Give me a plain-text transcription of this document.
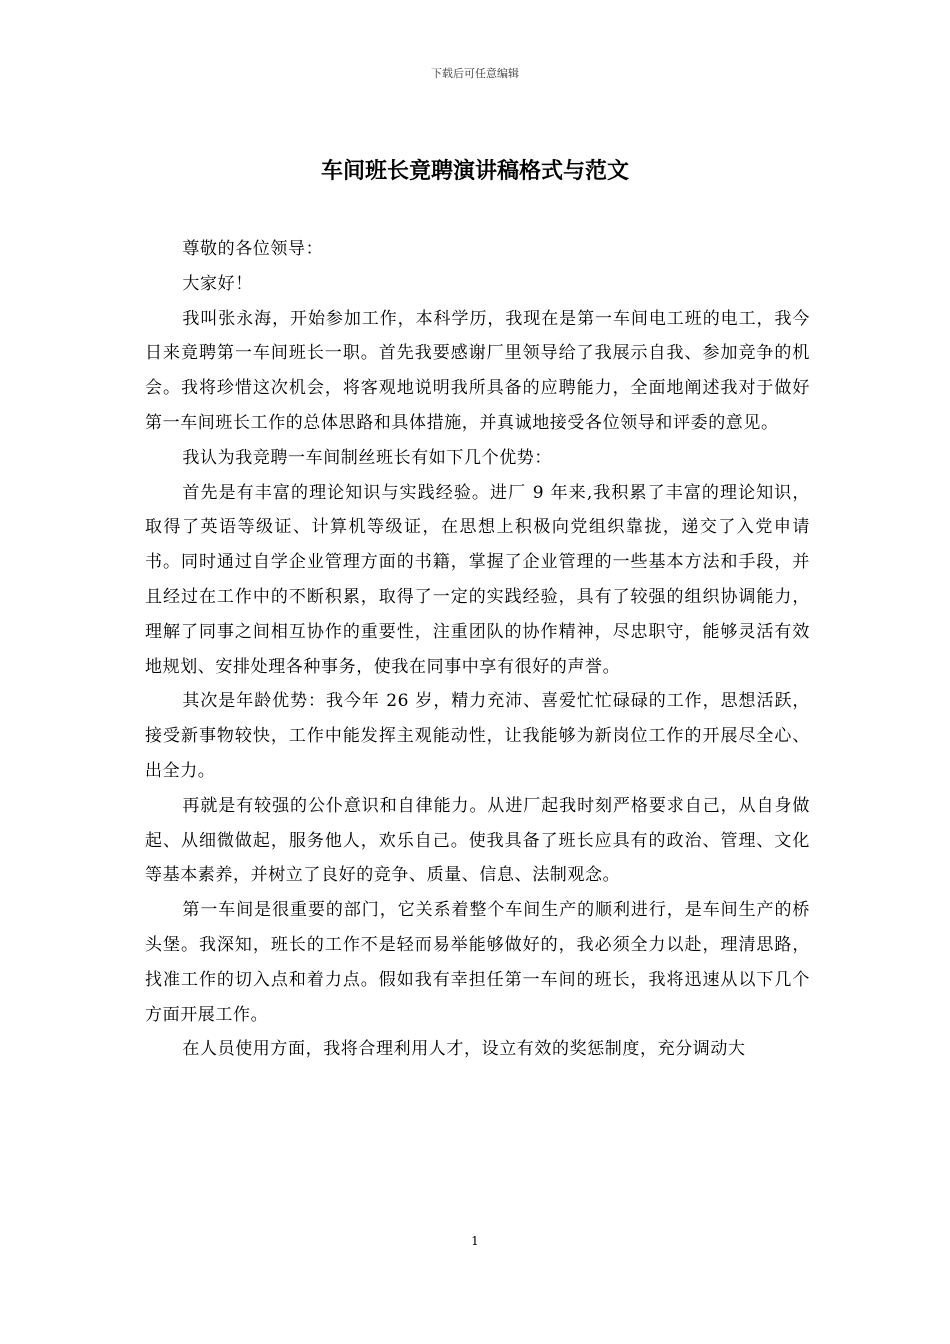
下载后可任意编辑
车间班长竟聘演讲稿格式与范文

尊敬的各位领导：

大家好！

我叫张永海，开始参加工作，本科学历，我现在是第一车间电工班的电工，我今日来竟聘第一车间班长一职。首先我要感谢厂里领导给了我展示自我、参加竞争的机会。我将珍惜这次机会，将客观地说明我所具备的应聘能力，全面地阐述我对于做好第一车间班长工作的总体思路和具体措施，并真诚地接受各位领导和评委的意见。

我认为我竞聘一车间制丝班长有如下几个优势：

首先是有丰富的理论知识与实践经验。进厂 9 年来,我积累了丰富的理论知识，取得了英语等级证、计算机等级证，在思想上积极向党组织靠拢，递交了入党申请书。同时通过自学企业管理方面的书籍，掌握了企业管理的一些基本方法和手段，并且经过在工作中的不断积累，取得了一定的实践经验，具有了较强的组织协调能力，理解了同事之间相互协作的重要性，注重团队的协作精神，尽忠职守，能够灵活有效地规划、安排处理各种事务，使我在同事中享有很好的声誉。

其次是年龄优势：我今年 26 岁，精力充沛、喜爱忙忙碌碌的工作，思想活跃，接受新事物较快，工作中能发挥主观能动性，让我能够为新岗位工作的开展尽全心、出全力。

再就是有较强的公仆意识和自律能力。从进厂起我时刻严格要求自己，从自身做起、从细微做起，服务他人，欢乐自己。使我具备了班长应具有的政治、管理、文化等基本素养，并树立了良好的竞争、质量、信息、法制观念。

第一车间是很重要的部门，它关系着整个车间生产的顺利进行，是车间生产的桥头堡。我深知，班长的工作不是轻而易举能够做好的，我必须全力以赴，理清思路，找准工作的切入点和着力点。假如我有幸担任第一车间的班长，我将迅速从以下几个方面开展工作。

在人员使用方面，我将合理利用人才，设立有效的奖惩制度，充分调动大

1
